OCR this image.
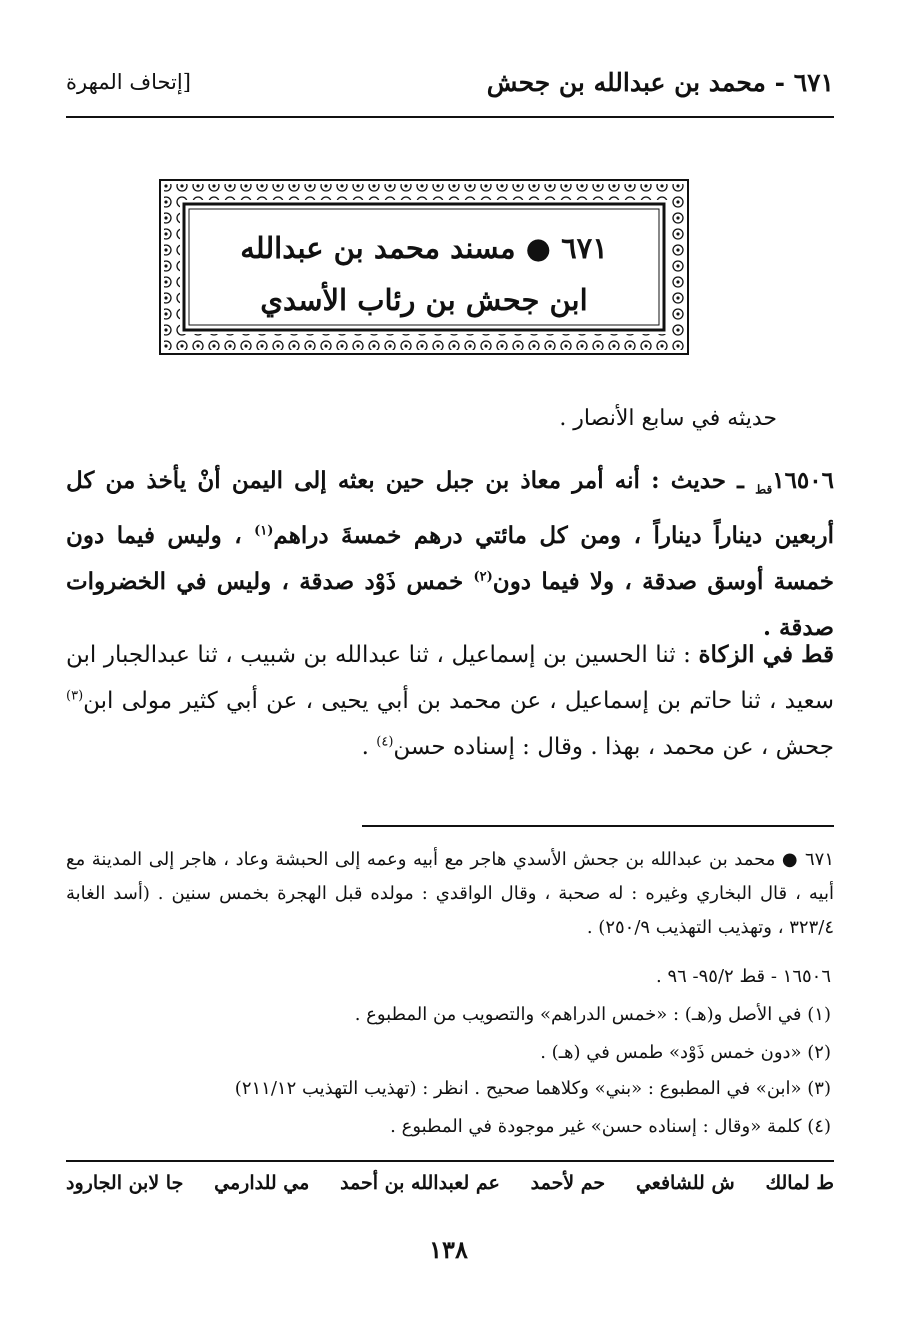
٦٧١ - محمد بن عبدالله بن جحش
[إتحاف المهرة
٦٧١ ● مسند محمد بن عبدالله
ابن جحش بن رئاب الأسدي
حديثه في سابع الأنصار .
$١٦٥٠٦_{قط}$ ـ حديث : أنه أمر معاذ بن جبل حين بعثه إلى اليمن أنْ يأخذ من كل أربعين ديناراً ديناراً ، ومن كل مائتي درهم خمسةَ دراهم$^{(١)}$ ، وليس فيما دون خمسة أوسق صدقة ، ولا فيما دون$^{(٢)}$ خمس ذَوْد صدقة ، وليس في الخضروات صدقة .
قط في الزكاة : ثنا الحسين بن إسماعيل ، ثنا عبدالله بن شبيب ، ثنا عبدالجبار ابن سعيد ، ثنا حاتم بن إسماعيل ، عن محمد بن أبي يحيى ، عن أبي كثير مولى ابن$^{(٣)}$ جحش ، عن محمد ، بهذا . وقال : إسناده حسن$^{(٤)}$ .
٦٧١ ● محمد بن عبدالله بن جحش الأسدي هاجر مع أبيه وعمه إلى الحبشة وعاد ، هاجر إلى المدينة مع أبيه ، قال البخاري وغيره : له صحبة ، وقال الواقدي : مولده قبل الهجرة بخمس سنين . (أسد الغابة ٣٢٣/٤ ، وتهذيب التهذيب ٢٥٠/٩) .
١٦٥٠٦ - قط ٩٥/٢- ٩٦ .
(١) في الأصل و(هـ) : «خمس الدراهم» والتصويب من المطبوع .
(٢) «دون خمس ذَوْد» طمس في (هـ) .
(٣) «ابن» في المطبوع : «بني» وكلاهما صحيح . انظر : (تهذيب التهذيب ٢١١/١٢)
(٤) كلمة «وقال : إسناده حسن» غير موجودة في المطبوع .
ط لمالك
ش للشافعي
حم لأحمد
عم لعبدالله بن أحمد
مي للدارمي
جا لابن الجارود
١٣٨
